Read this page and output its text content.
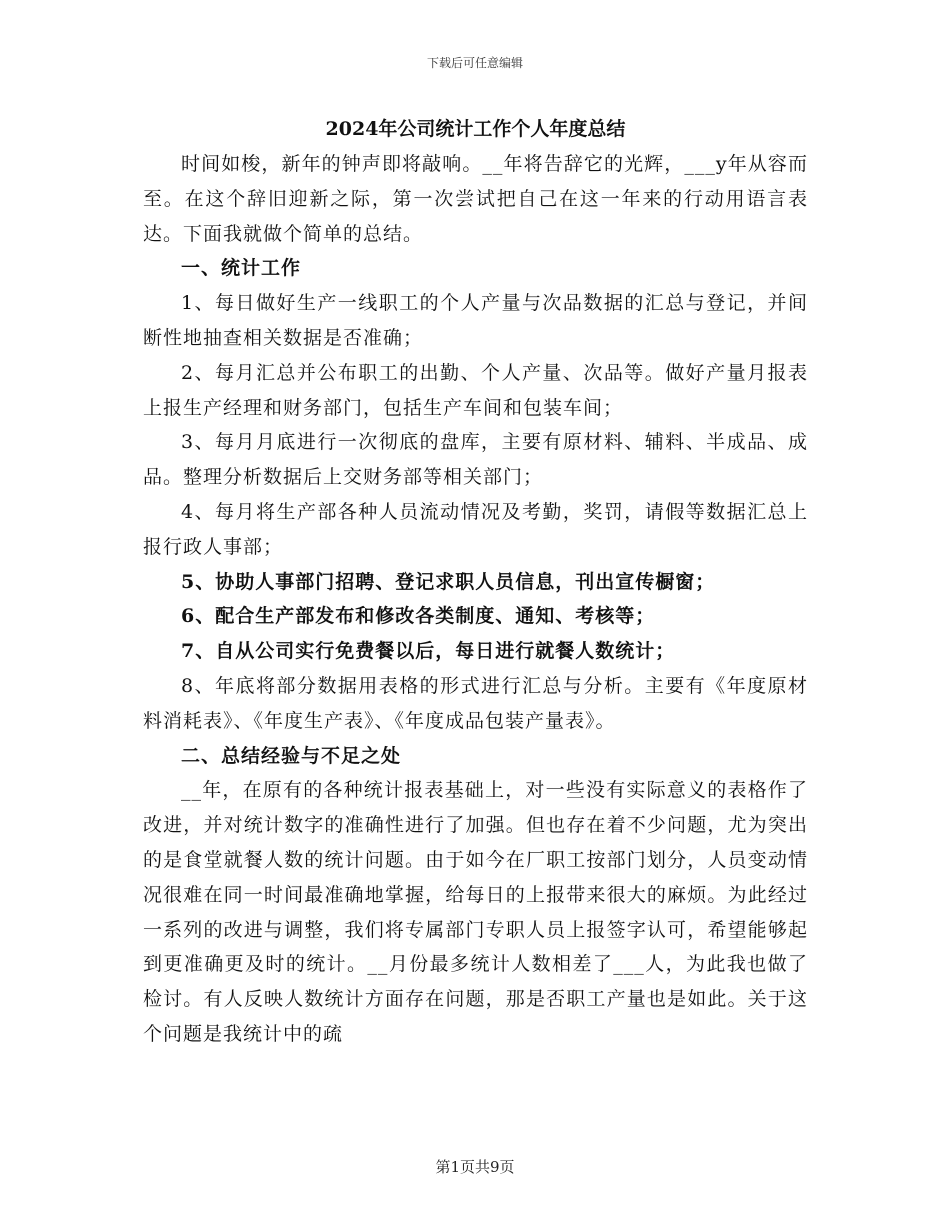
下载后可任意编辑
2024年公司统计工作个人年度总结

时间如梭，新年的钟声即将敲响。__年将告辞它的光辉，___y年从容而至。在这个辞旧迎新之际，第一次尝试把自己在这一年来的行动用语言表达。下面我就做个简单的总结。

一、统计工作

1、每日做好生产一线职工的个人产量与次品数据的汇总与登记，并间断性地抽查相关数据是否准确；

2、每月汇总并公布职工的出勤、个人产量、次品等。做好产量月报表上报生产经理和财务部门，包括生产车间和包装车间；

3、每月月底进行一次彻底的盘库，主要有原材料、辅料、半成品、成品。整理分析数据后上交财务部等相关部门；

4、每月将生产部各种人员流动情况及考勤，奖罚，请假等数据汇总上报行政人事部；

5、协助人事部门招聘、登记求职人员信息，刊出宣传橱窗；

6、配合生产部发布和修改各类制度、通知、考核等；

7、自从公司实行免费餐以后，每日进行就餐人数统计；

8、年底将部分数据用表格的形式进行汇总与分析。主要有《年度原材料消耗表》、《年度生产表》、《年度成品包装产量表》。

二、总结经验与不足之处

__年，在原有的各种统计报表基础上，对一些没有实际意义的表格作了改进，并对统计数字的准确性进行了加强。但也存在着不少问题，尤为突出的是食堂就餐人数的统计问题。由于如今在厂职工按部门划分，人员变动情况很难在同一时间最准确地掌握，给每日的上报带来很大的麻烦。为此经过一系列的改进与调整，我们将专属部门专职人员上报签字认可，希望能够起到更准确更及时的统计。__月份最多统计人数相差了___人，为此我也做了检讨。有人反映人数统计方面存在问题，那是否职工产量也是如此。关于这个问题是我统计中的疏

第1页共9页
